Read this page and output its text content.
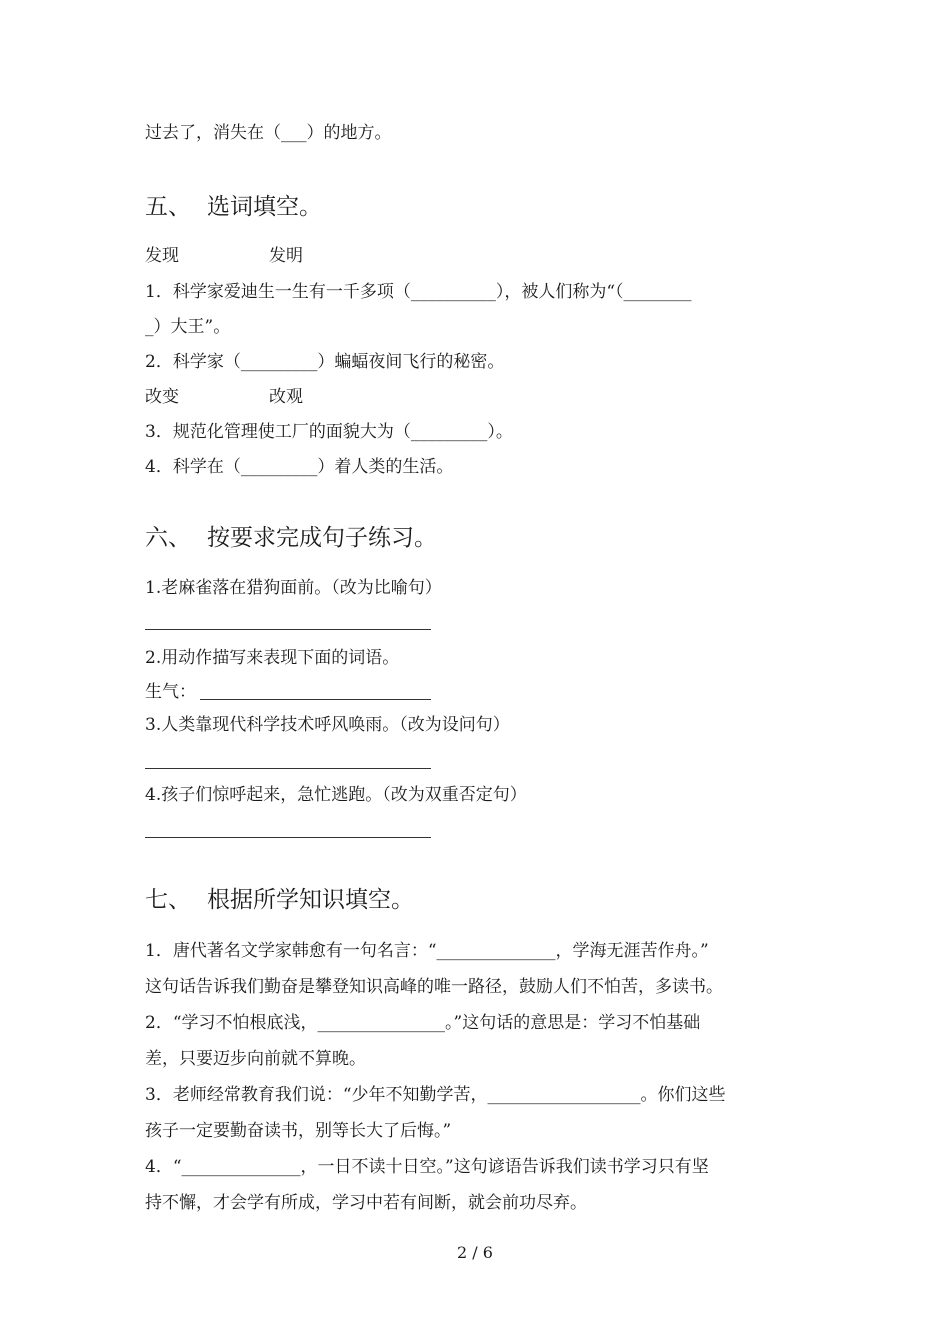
过去了，消失在（___）的地方。

五、 选词填空。

发现	发明

1．科学家爱迪生一生有一千多项（__________），被人们称为“（________

_）大王”。

2．科学家（_________）蝙蝠夜间飞行的秘密。

改变	改观

3．规范化管理使工厂的面貌大为（_________）。

4．科学在（_________）着人类的生活。

六、 按要求完成句子练习。

1.老麻雀落在猎狗面前。（改为比喻句）

2.用动作描写来表现下面的词语。

生气：

3.人类靠现代科学技术呼风唤雨。（改为设问句）

4.孩子们惊呼起来，急忙逃跑。（改为双重否定句）

七、 根据所学知识填空。

1．唐代著名文学家韩愈有一句名言：“______________，学海无涯苦作舟。”

这句话告诉我们勤奋是攀登知识高峰的唯一路径，鼓励人们不怕苦，多读书。

2．“学习不怕根底浅，_______________。”这句话的意思是：学习不怕基础

差，只要迈步向前就不算晚。

3．老师经常教育我们说：“少年不知勤学苦，__________________。你们这些

孩子一定要勤奋读书，别等长大了后悔。”

4．“______________，一日不读十日空。”这句谚语告诉我们读书学习只有坚

持不懈，才会学有所成，学习中若有间断，就会前功尽弃。

2 / 6
